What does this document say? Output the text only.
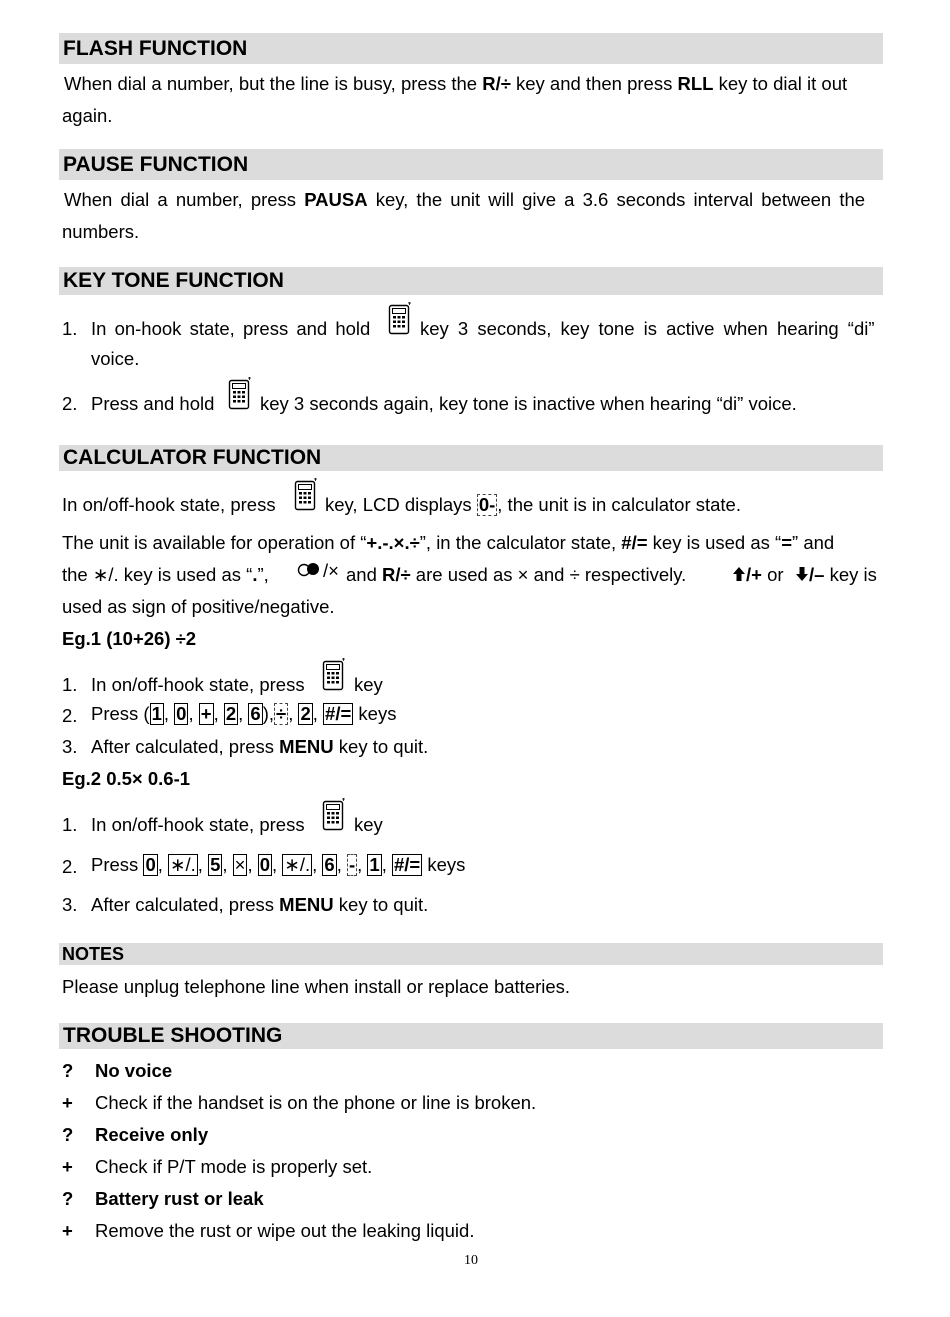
FLASH FUNCTION
When dial a number, but the line is busy, press the R/÷ key and then press RLL key to dial it out
again.
PAUSE FUNCTION
When dial a number, press PAUSA key, the unit will give a 3.6 seconds interval between the
numbers.
KEY TONE FUNCTION
1. In on-hook state, press and hold	key 3 seconds, key tone is active when hearing “di”
voice.
2. Press and hold key 3 seconds again, key tone is inactive when hearing “di” voice.
CALCULATOR FUNCTION
In on/off-hook state, press	key, LCD displays 0- , the unit is in calculator state.
The unit is available for operation of “+.-.×.÷”, in the calculator state, #/= key is used as “=” and
the ∗/. key is used as “.”,	/× and R/÷ are used as × and ÷ respectively.	/+ or /– key is
used as sign of positive/negative.
Eg.1 (10+26) ÷2
1. In on/off-hook state, press	key
2. Press ( 1 , 0 , + , 2 , 6 ), ÷ , 2 , #/= keys
3. After calculated, press MENU key to quit.
Eg.2 0.5× 0.6-1
1. In on/off-hook state, press	key
2. Press 0 , ∗/. , 5 , × , 0 , ∗/. , 6 , - , 1 , #/= keys
3. After calculated, press MENU key to quit.
NOTES
Please unplug telephone line when install or replace batteries.
TROUBLE SHOOTING
? No voice
+ Check if the handset is on the phone or line is broken.
? Receive only
+ Check if P/T mode is properly set.
? Battery rust or leak
+ Remove the rust or wipe out the leaking liquid.
10
